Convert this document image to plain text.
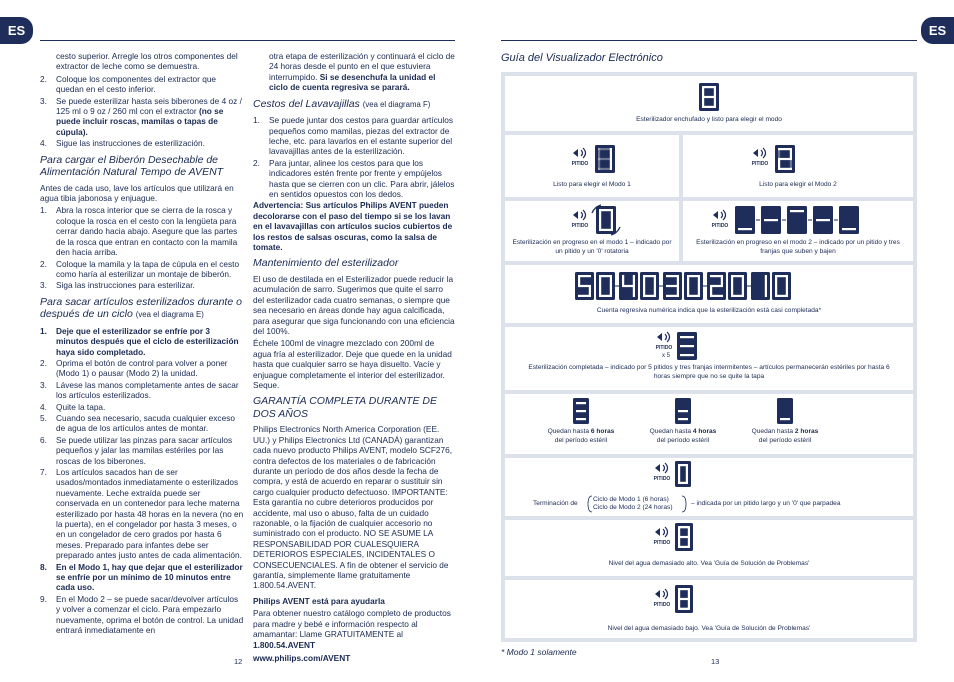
ES	ES

cesto superior. Arregle los otros componentes del extractor de leche como se demuestra.

2. Coloque los componentes del extractor que quedan en el cesto inferior.
3. Se puede esterilizar hasta seis biberones de 4 oz / 125 ml o 9 oz / 260 ml con el extractor (no se puede incluir roscas, mamilas o tapas de cúpula).
4. Sigue las instrucciones de esterilización.
Para cargar el Biberón Desechable de Alimentación Natural Tempo de AVENT

Antes de cada uso, lave los artículos que utilizará en agua tibia jabonosa y enjuague.

1. Abra la rosca interior que se cierra de la rosca y coloque la rosca en el cesto con la lengüeta para cerrar dando hacia abajo. Asegure que las partes de la rosca que entran en contacto con la mamila den hacia arriba.
2. Coloque la mamila y la tapa de cúpula en el cesto como haría al esterilizar un montaje de biberón.
3. Siga las instrucciones para esterilizar.
Para sacar artículos esterilizados durante o después de un ciclo (vea el diagrama E)
1. Deje que el esterilizador se enfríe por 3 minutos después que el ciclo de esterilización haya sido completado.
2. Oprima el botón de control para volver a poner (Modo 1) o pausar (Modo 2) la unidad.
3. Lávese las manos completamente antes de sacar los artículos esterilizados.
4. Quite la tapa.
5. Cuando sea necesario, sacuda cualquier exceso de agua de los artículos antes de montar.
6. Se puede utilizar las pinzas para sacar artículos pequeños y jalar las mamilas estériles por las roscas de los biberones.
7. Los artículos sacados han de ser usados/montados inmediatamente o esterilizados nuevamente. Leche extraída puede ser conservada en un contenedor para leche materna esterilizado por hasta 48 horas en la nevera (no en la puerta), en el congelador por hasta 3 meses, o en un congelador de cero grados por hasta 6 meses. Preparado para infantes debe ser preparado antes justo antes de cada alimentación.
8. En el Modo 1, hay que dejar que el esterilizador se enfríe por un mínimo de 10 minutos entre cada uso.
9. En el Modo 2 – se puede sacar/devolver artículos y volver a comenzar el ciclo. Para empezarlo nuevamente, oprima el botón de control. La unidad entrará inmediatamente en
12

otra etapa de esterilización y continuará el ciclo de 24 horas desde el punto en el que estuviera interrumpido. Si se desenchufa la unidad el ciclo de cuenta regresiva se parará.

Cestos del Lavavajillas (vea el diagrama F)
1. Se puede juntar dos cestos para guardar artículos pequeños como mamilas, piezas del extractor de leche, etc. para lavarlos en el estante superior del lavavajillas antes de la esterilización.
2. Para juntar, alinee los cestos para que los indicadores estén frente por frente y empújelos hasta que se cierren con un clic. Para abrir, jálelos en sentidos opuestos con los dedos.

Advertencia: Sus artículos Philips AVENT pueden decolorarse con el paso del tiempo si se los lavan en el lavavajillas con artículos sucios cubiertos de los restos de salsas oscuras, como la salsa de tomate.

Mantenimiento del esterilizador

El uso de destilada en el Esterilizador puede reducir la acumulación de sarro. Sugerimos que quite el sarro del esterilizador cada cuatro semanas, o siempre que sea necesario en áreas donde hay agua calcificada, para asegurar que siga funcionando con una eficiencia del 100%.

Échele 100ml de vinagre mezclado con 200ml de agua fría al esterilizador. Deje que quede en la unidad hasta que cualquier sarro se haya disuelto. Vacíe y enjuague completamente el interior del esterilizador. Seque.

GARANTÍA COMPLETA DURANTE DE DOS AÑOS

Philips Electronics North America Corporation (EE. UU.) y Philips Electronics Ltd (CANADÁ) garantizan cada nuevo producto Philips AVENT, modelo SCF276, contra defectos de los materiales o de fabricación durante un período de dos años desde la fecha de compra, y está de acuerdo en reparar o sustituir sin cargo cualquier producto defectuoso. IMPORTANTE: Esta garantía no cubre deterioros producidos por accidente, mal uso o abuso, falta de un cuidado razonable, o la fijación de cualquier accesorio no suministrado con el producto. NO SE ASUME LA RESPONSABILIDAD POR CUALESQUIERA DETERIOROS ESPECIALES, INCIDENTALES O CONSECUENCIALES. A fin de obtener el servicio de garantía, simplemente llame gratuitamente 1.800.54.AVENT.

Philips AVENT está para ayudarla

Para obtener nuestro catálogo completo de productos para madre y bebé e información respecto al amamantar: Llame GRATUITAMENTE al 1.800.54.AVENT

www.philips.com/AVENT

Guía del Visualizador Electrónico
Esterilizador enchufado y listo para elegir el modo
PITIDO
Listo para elegir el Modo 1
PITIDO
Listo para elegir el Modo 2
PITIDO
Esterilización en progreso en el modo 1 – indicado por un pitido y un '0' rotatoria
PITIDO
Esterilización en progreso en el modo 2 – indicado por un pitido y tres franjas que suben y bajen
Cuenta regresiva numérica indica que la esterilización está casi completada*
PITIDO
x 5
Esterilización completada – indicado por 5 pitidos y tres franjas intermitentes – artículos permanecerán estériles por hasta 6 horas siempre que no se quite la tapa
Quedan hasta 6 horas
del período estéril
Quedan hasta 4 horas
del período estéril
Quedan hasta 2 horas
del período estéril
PITIDO
Terminación de
Ciclo de Modo 1 (6 horas)
Ciclo de Modo 2 (24 horas)
– indicada por un pitido largo y un '0' que parpadea
PITIDO
Nivel del agua demasiado alto. Vea 'Guía de Solución de Problemas'
PITIDO
Nivel del agua demasiado bajo. Vea 'Guía de Solución de Problemas'
* Modo 1 solamente
13
